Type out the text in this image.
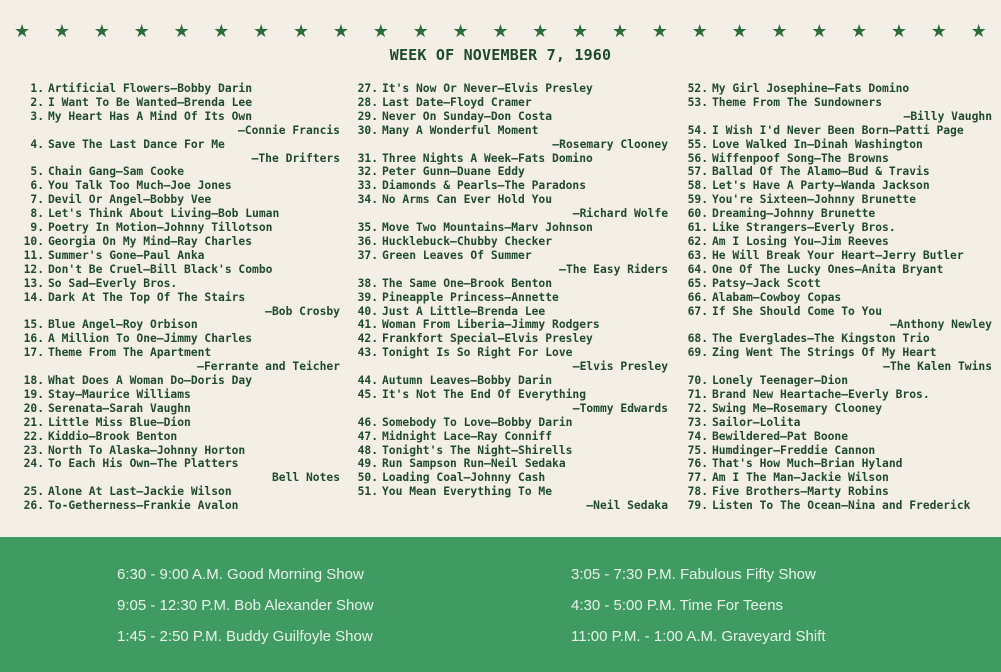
★ ★ ★ ★ ★ ★ ★ ★ ★ ★ ★ ★ ★ ★ ★ ★ ★ ★ ★ ★ ★ ★ ★ ★ ★
WEEK OF NOVEMBER 7, 1960
1. Artificial Flowers—Bobby Darin
2. I Want To Be Wanted—Brenda Lee
3. My Heart Has A Mind Of Its Own
—Connie Francis
4. Save The Last Dance For Me
—The Drifters
5. Chain Gang—Sam Cooke
6. You Talk Too Much—Joe Jones
7. Devil Or Angel—Bobby Vee
8. Let's Think About Living—Bob Luman
9. Poetry In Motion—Johnny Tillotson
10. Georgia On My Mind—Ray Charles
11. Summer's Gone—Paul Anka
12. Don't Be Cruel—Bill Black's Combo
13. So Sad—Everly Bros.
14. Dark At The Top Of The Stairs
—Bob Crosby
15. Blue Angel—Roy Orbison
16. A Million To One—Jimmy Charles
17. Theme From The Apartment
—Ferrante and Teicher
18. What Does A Woman Do—Doris Day
19. Stay—Maurice Williams
20. Serenata—Sarah Vaughn
21. Little Miss Blue—Dion
22. Kiddio—Brook Benton
23. North To Alaska—Johnny Horton
24. To Each His Own—The Platters
Bell Notes
25. Alone At Last—Jackie Wilson
26. To-Getherness—Frankie Avalon
27. It's Now Or Never—Elvis Presley
28. Last Date—Floyd Cramer
29. Never On Sunday—Don Costa
30. Many A Wonderful Moment
—Rosemary Clooney
31. Three Nights A Week—Fats Domino
32. Peter Gunn—Duane Eddy
33. Diamonds & Pearls—The Paradons
34. No Arms Can Ever Hold You
—Richard Wolfe
35. Move Two Mountains—Marv Johnson
36. Hucklebuck—Chubby Checker
37. Green Leaves Of Summer
—The Easy Riders
38. The Same One—Brook Benton
39. Pineapple Princess—Annette
40. Just A Little—Brenda Lee
41. Woman From Liberia—Jimmy Rodgers
42. Frankfort Special—Elvis Presley
43. Tonight Is So Right For Love
—Elvis Presley
44. Autumn Leaves—Bobby Darin
45. It's Not The End Of Everything
—Tommy Edwards
46. Somebody To Love—Bobby Darin
47. Midnight Lace—Ray Conniff
48. Tonight's The Night—Shirells
49. Run Sampson Run—Neil Sedaka
50. Loading Coal—Johnny Cash
51. You Mean Everything To Me
—Neil Sedaka
52. My Girl Josephine—Fats Domino
53. Theme From The Sundowners
—Billy Vaughn
54. I Wish I'd Never Been Born—Patti Page
55. Love Walked In—Dinah Washington
56. Wiffenpoof Song—The Browns
57. Ballad Of The Alamo—Bud & Travis
58. Let's Have A Party—Wanda Jackson
59. You're Sixteen—Johnny Brunette
60. Dreaming—Johnny Brunette
61. Like Strangers—Everly Bros.
62. Am I Losing You—Jim Reeves
63. He Will Break Your Heart—Jerry Butler
64. One Of The Lucky Ones—Anita Bryant
65. Patsy—Jack Scott
66. Alabam—Cowboy Copas
67. If She Should Come To You
—Anthony Newley
68. The Everglades—The Kingston Trio
69. Zing Went The Strings Of My Heart
—The Kalen Twins
70. Lonely Teenager—Dion
71. Brand New Heartache—Everly Bros.
72. Swing Me—Rosemary Clooney
73. Sailor—Lolita
74. Bewildered—Pat Boone
75. Humdinger—Freddie Cannon
76. That's How Much—Brian Hyland
77. Am I The Man—Jackie Wilson
78. Five Brothers—Marty Robins
79. Listen To The Ocean—Nina and Frederick
6:30 - 9:00 A.M. Good Morning Show
9:05 - 12:30 P.M. Bob Alexander Show
1:45 - 2:50 P.M. Buddy Guilfoyle Show
3:05 - 7:30 P.M. Fabulous Fifty Show
4:30 - 5:00 P.M. Time For Teens
11:00 P.M. - 1:00 A.M. Graveyard Shift
